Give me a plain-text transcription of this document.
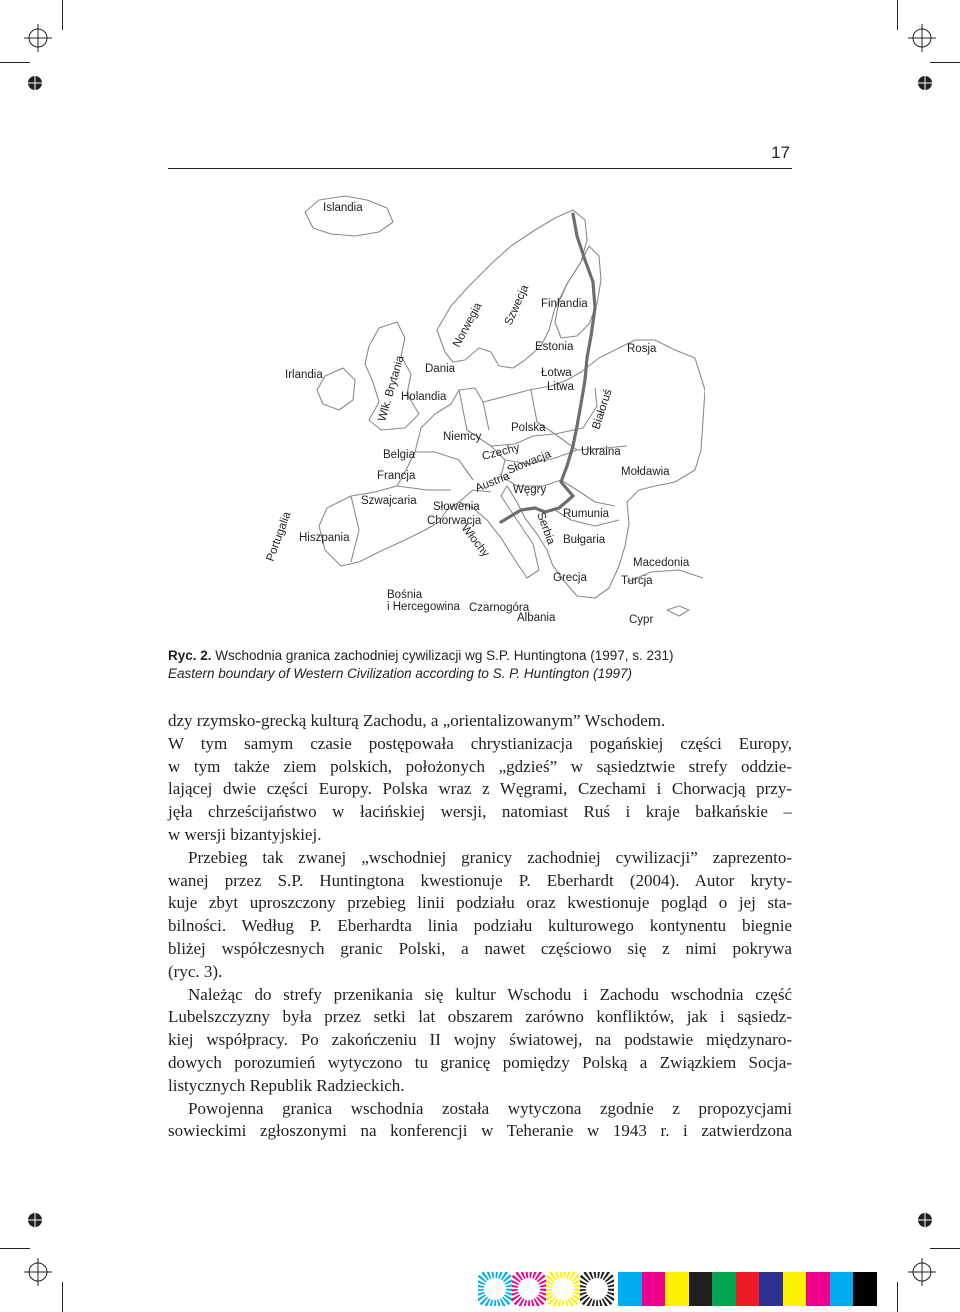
17
Islandia
Norwegia Szwecja Finlandia
Estonia	Rosja
Irlandia	Dania	Łotwa
Litwa
Wlk. Brytania
Holandia	Białoruś
Polska
Niemcy
Belgia	Czechy	Ukraina
Francja	Austria
Słowacja	Mołdawia
Węgry
Szwajcaria Słowenia
Rumunia
Portugalia	Chorwacja	Serbia
Hiszpania	Włochy	Bułgaria
Macedonia
Grecja	Turcja
Bośnia
i Hercegowina Czarnogóra
Albania	Cypr
Ryc. 2. Wschodnia granica zachodniej cywilizacji wg S.P. Huntingtona (1997, s. 231)
Eastern boundary of Western Civilization according to S. P. Huntington (1997)
dzy rzymsko-grecką kulturą Zachodu, a „orientalizowanym” Wschodem.
W tym samym czasie postępowała chrystianizacja pogańskiej części Europy,
w tym także ziem polskich, położonych „gdzieś” w sąsiedztwie strefy oddzie-
lającej dwie części Europy. Polska wraz z Węgrami, Czechami i Chorwacją przy-
jęła chrześcijaństwo w łacińskiej wersji, natomiast Ruś i kraje bałkańskie –
w wersji bizantyjskiej.
Przebieg tak zwanej „wschodniej granicy zachodniej cywilizacji” zaprezento-
wanej przez S.P. Huntingtona kwestionuje P. Eberhardt (2004). Autor kryty-
kuje zbyt uproszczony przebieg linii podziału oraz kwestionuje pogląd o jej sta-
bilności. Według P. Eberhardta linia podziału kulturowego kontynentu biegnie
bliżej współczesnych granic Polski, a nawet częściowo się z nimi pokrywa
(ryc. 3).
Należąc do strefy przenikania się kultur Wschodu i Zachodu wschodnia część
Lubelszczyzny była przez setki lat obszarem zarówno konfliktów, jak i sąsiedz-
kiej współpracy. Po zakończeniu II wojny światowej, na podstawie międzynaro-
dowych porozumień wytyczono tu granicę pomiędzy Polską a Związkiem Socja-
listycznych Republik Radzieckich.
Powojenna granica wschodnia została wytyczona zgodnie z propozycjami
sowieckimi zgłoszonymi na konferencji w Teheranie w 1943 r. i zatwierdzona
